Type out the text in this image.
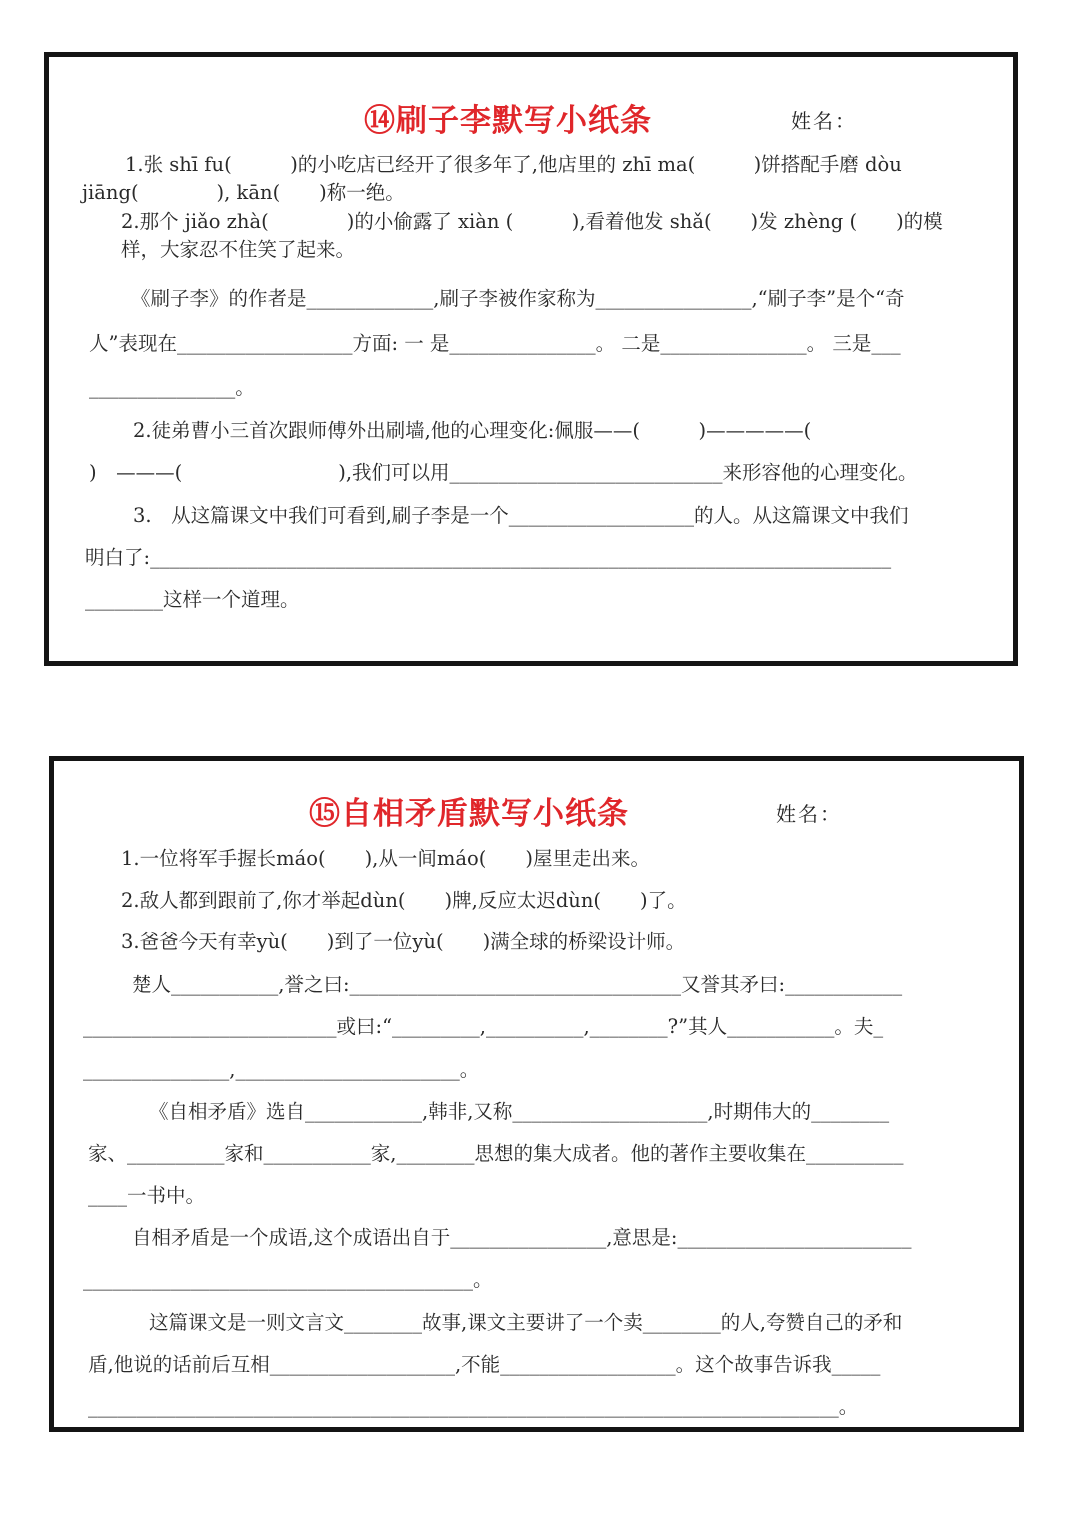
⑭刷子李默写小纸条	姓名：
1.张 shī fu(　　　)的小吃店已经开了很多年了,他店里的 zhī ma(　　　)饼搭配手磨 dòu
jiāng(　　　　), kān(　　)称一绝。
2.那个 jiǎo zhà(　　　　)的小偷露了 xiàn (　　　),看着他发 shǎ(　　)发 zhèng (　　)的模
样，大家忍不住笑了起来。
《刷子李》的作者是_____________,刷子李被作家称为________________,“刷子李”是个“奇
人”表现在__________________方面: 一 是_______________。 二是_______________。 三是___
_______________。
2.徒弟曹小三首次跟师傅外出刷墙,他的心理变化:佩服——(　　　)—————(
)　———(　　　　　　　　),我们可以用____________________________来形容他的心理变化。
3.　从这篇课文中我们可看到,刷子李是一个___________________的人。从这篇课文中我们
明白了:____________________________________________________________________________
________这样一个道理。
⑮自相矛盾默写小纸条	姓名：
1.一位将军手握长máo(　　),从一间máo(　　)屋里走出来。
2.敌人都到跟前了,你才举起dùn(　　)牌,反应太迟dùn(　　)了。
3.爸爸今天有幸yù(　　)到了一位yù(　　)满全球的桥梁设计师。
楚人___________,誉之曰:__________________________________又誉其矛曰:____________
__________________________或曰:“_________,__________,________?”其人___________。夫_
_______________,_______________________。
《自相矛盾》选自____________,韩非,又称____________________,时期伟大的________
家、__________家和___________家,________思想的集大成者。他的著作主要收集在__________
____一书中。
自相矛盾是一个成语,这个成语出自于________________,意思是:________________________
________________________________________。
这篇课文是一则文言文________故事,课文主要讲了一个卖________的人,夸赞自己的矛和
盾,他说的话前后互相___________________,不能__________________。这个故事告诉我_____
_____________________________________________________________________________。
